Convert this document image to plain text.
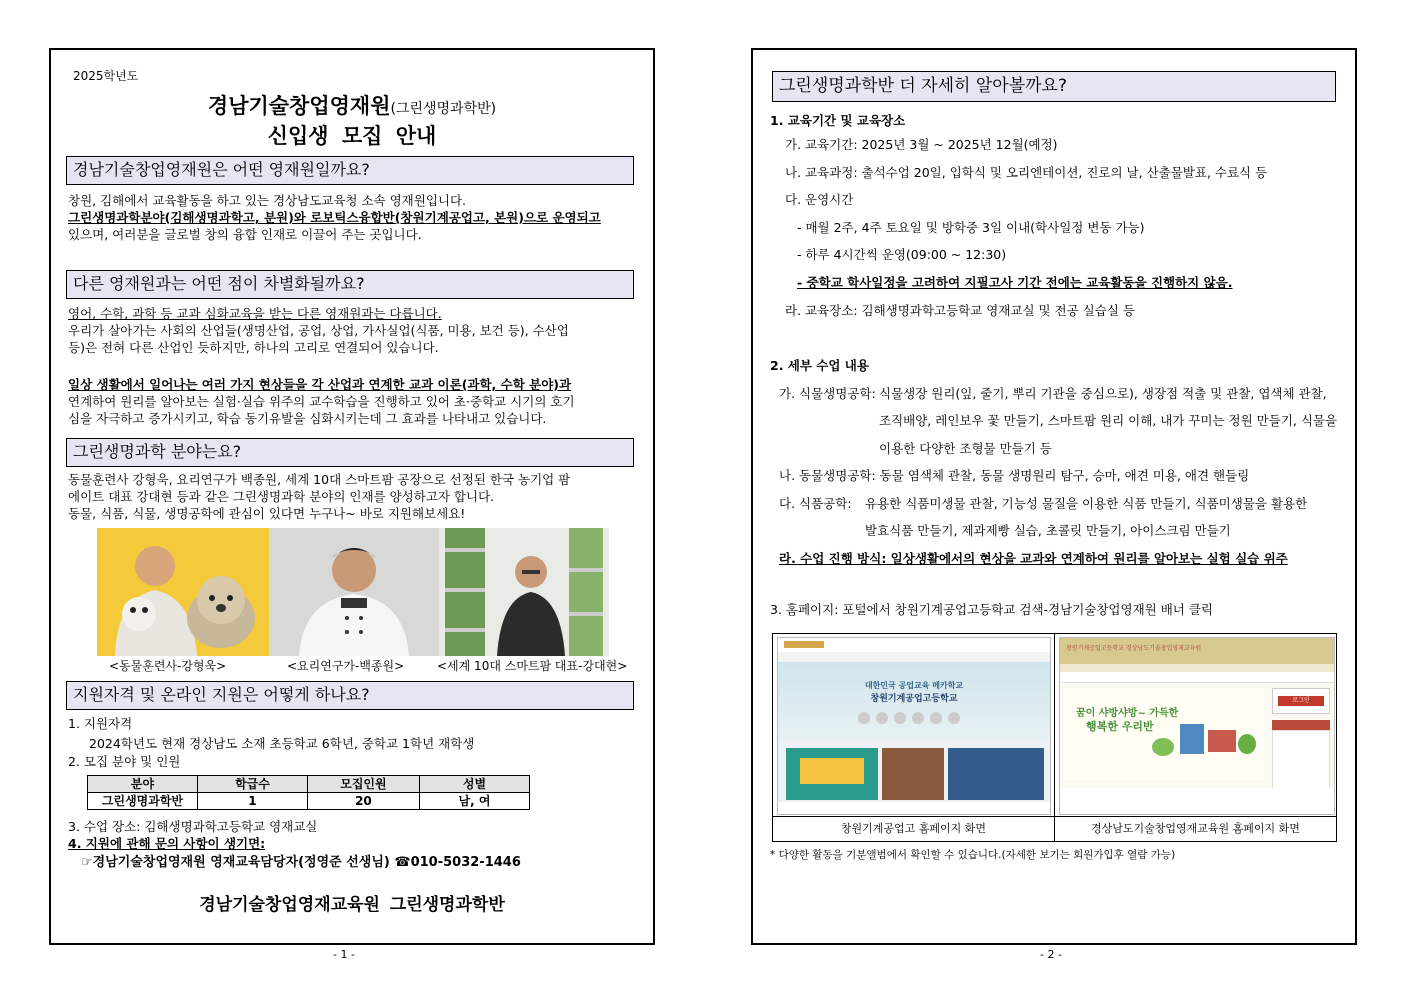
2025학년도
경남기술창업영재원(그린생명과학반)
신입생 모집 안내
경남기술창업영재원은 어떤 영재원일까요?
창원, 김해에서 교육활동을 하고 있는 경상남도교육청 소속 영재원입니다.
그린생명과학분야(김해생명과학고, 분원)와 로보틱스융합반(창원기계공업고, 본원)으로 운영되고
있으며, 여러분을 글로벌 창의 융합 인재로 이끌어 주는 곳입니다.
다른 영재원과는 어떤 점이 차별화될까요?
영어, 수학, 과학 등 교과 심화교육을 받는 다른 영재원과는 다릅니다.
우리가 살아가는 사회의 산업들(생명산업, 공업, 상업, 가사실업(식품, 미용, 보건 등), 수산업
등)은 전혀 다른 산업인 듯하지만, 하나의 고리로 연결되어 있습니다.
일상 생활에서 일어나는 여러 가지 현상들을 각 산업과 연계한 교과 이론(과학, 수학 분야)과
연계하여 원리를 알아보는 실험·실습 위주의 교수학습을 진행하고 있어 초·중학교 시기의 호기
심을 자극하고 증가시키고, 학습 동기유발을 심화시키는데 그 효과를 나타내고 있습니다.
그린생명과학 분야는요?
동물훈련사 강형욱, 요리연구가 백종원, 세계 10대 스마트팜 공장으로 선정된 한국 농기업 팜
에이트 대표 강대현 등과 같은 그린생명과학 분야의 인재를 양성하고자 합니다.
동물, 식품, 식물, 생명공학에 관심이 있다면 누구나~ 바로 지원해보세요!
<동물훈련사-강형욱>	<요리연구가-백종원>	<세계 10대 스마트팜 대표-강대현>
지원자격 및 온라인 지원은 어떻게 하나요?
1. 지원자격
2024학년도 현재 경상남도 소재 초등학교 6학년, 중학교 1학년 재학생
2. 모집 분야 및 인원
분야	학급수	모집인원	성별
그린생명과학반	1	20	남, 여
3. 수업 장소: 김해생명과학고등학교 영재교실
4. 지원에 관해 문의 사항이 생기면:
☞경남기술창업영재원 영재교육담당자(정영준 선생님) ☎010-5032-1446
경남기술창업영재교육원 그린생명과학반
- 1 -
그린생명과학반 더 자세히 알아볼까요?
1. 교육기간 및 교육장소
가. 교육기간: 2025년 3월 ~ 2025년 12월(예정)
나. 교육과정: 출석수업 20일, 입학식 및 오리엔테이션, 진로의 날, 산출물발표, 수료식 등
다. 운영시간
- 매월 2주, 4주 토요일 및 방학중 3일 이내(학사일정 변동 가능)
- 하루 4시간씩 운영(09:00 ~ 12:30)
- 중학교 학사일정을 고려하여 지필고사 기간 전에는 교육활동을 진행하지 않음.
라. 교육장소: 김해생명과학고등학교 영재교실 및 전공 실습실 등
2. 세부 수업 내용
가. 식물생명공학: 식물생장 원리(잎, 줄기, 뿌리 기관을 중심으로), 생장점 적출 및 관찰, 엽색체 관찰,
조직배양, 레인보우 꽃 만들기, 스마트팜 원리 이해, 내가 꾸미는 정원 만들기, 식물을
이용한 다양한 조형물 만들기 등
나. 동물생명공학: 동물 염색체 관찰, 동물 생명원리 탐구, 승마, 애견 미용, 애견 핸들링
다. 식품공학: 유용한 식품미생물 관찰, 기능성 물질을 이용한 식품 만들기, 식품미생물을 활용한
발효식품 만들기, 제과제빵 실습, 초콜릿 만들기, 아이스크림 만들기
라. 수업 진행 방식: 일상생활에서의 현상을 교과와 연계하여 원리를 알아보는 실험 실습 위주
3. 홈페이지: 포털에서 창원기계공업고등학교 검색-경남기술창업영재원 배너 클릭
대한민국 공업교육 메카학교
창원기계공업고등학교
창원기계공업고 홈페이지 화면
창원기계공업고등학교 경상남도기술창업영재교육원
꿈이 샤방샤방~ 가득한
행복한 우리반
로그인
경상남도기술창업영재교육원 홈페이지 화면
* 다양한 활동을 기분앨범에서 확인할 수 있습니다.(자세한 보기는 회원가입후 열람 가능)
- 2 -
